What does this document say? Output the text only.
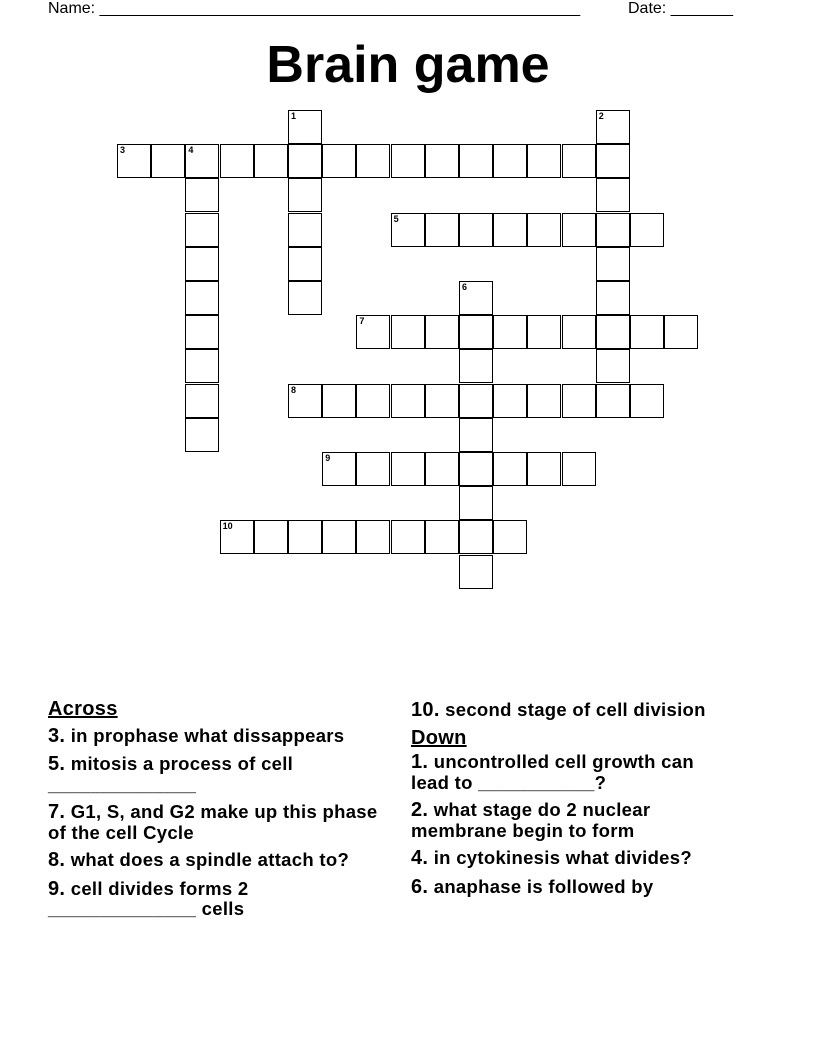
Name: ______________________________________________________	Date: _______
Brain game
1	2
3	4
5
6
7
8
9
10
Across
3. in prophase what dissappears
5. mitosis a process of cell ______________
7. G1, S, and G2 make up this phase of the cell Cycle
8. what does a spindle attach to?
9. cell divides forms 2 ______________ cells
10. second stage of cell division
Down
1. uncontrolled cell growth can lead to ___________?
2. what stage do 2 nuclear membrane begin to form
4. in cytokinesis what divides?
6. anaphase is followed by
